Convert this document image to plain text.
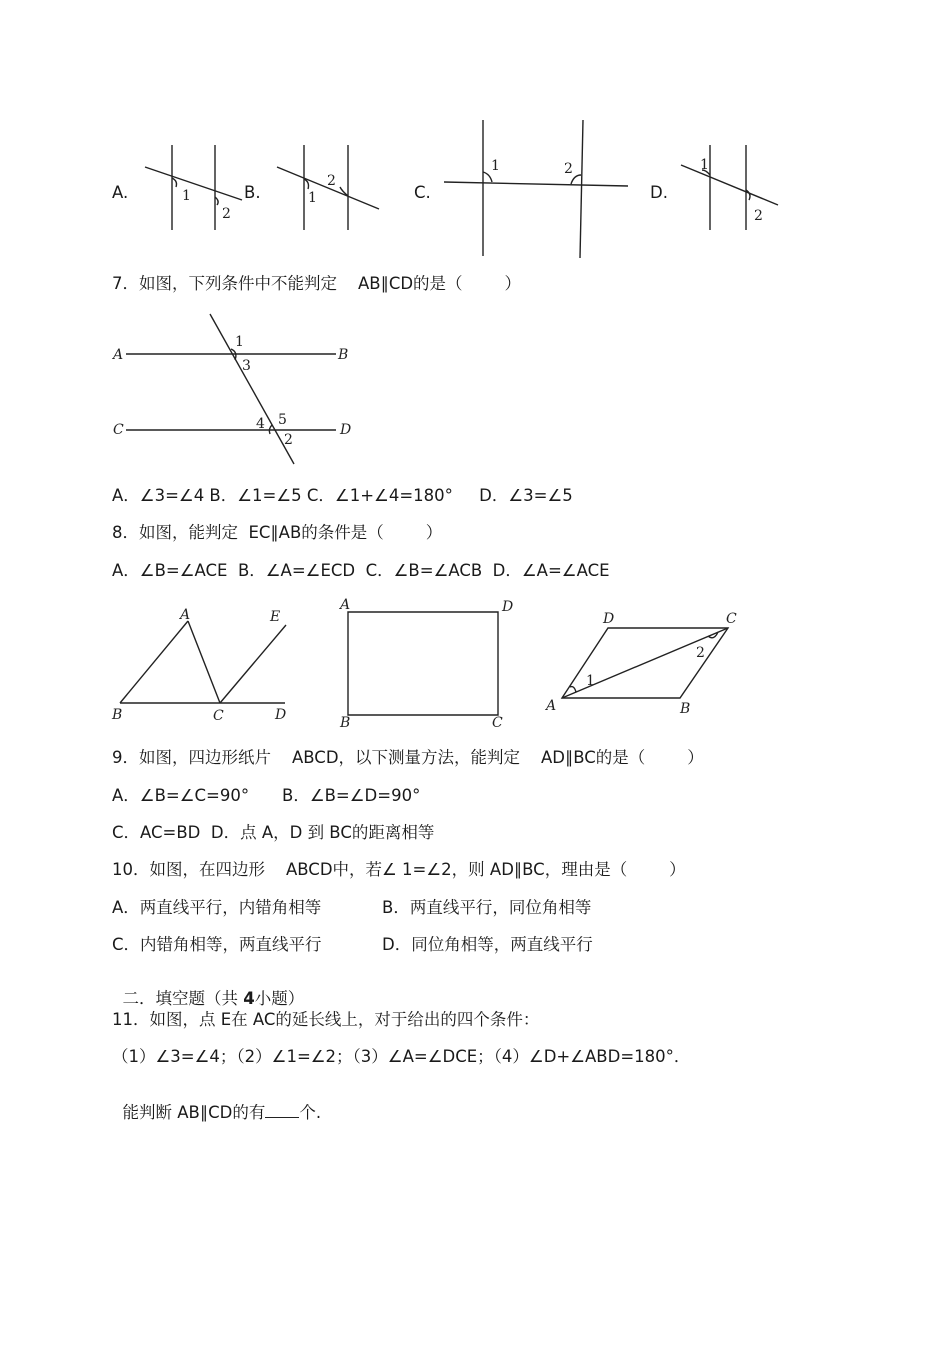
A.	1
2
B.	1
2
C.
1	2
D.
1
2
7．如图，下列条件中不能判定    AB∥CD的是（        ）
A	B
C	D
1
3
4 5
2
A．∠3=∠4 B．∠1=∠5 C．∠1+∠4=180°     D．∠3=∠5
8．如图，能判定  EC∥AB的条件是（        ）
A．∠B=∠ACE  B．∠A=∠ECD  C．∠B=∠ACB  D．∠A=∠ACE
A	E
B	C	D
A	D
B	C
D	C
A	B
1
2
9．如图，四边形纸片    ABCD，以下测量方法，能判定    AD∥BC的是（        ）
A．∠B=∠C=90° B．∠B=∠D=90°
C．AC=BD  D．点 A，D 到 BC的距离相等
10．如图，在四边形    ABCD中，若∠ 1=∠2，则 AD∥BC，理由是（        ）
A．两直线平行，内错角相等	B．两直线平行，同位角相等
C．内错角相等，两直线平行	D．同位角相等，两直线平行

二．填空题（共 4小题）

11．如图，点 E在 AC的延长线上，对于给出的四个条件：
（1）∠3=∠4；（2）∠1=∠2；（3）∠A=∠DCE；（4）∠D+∠ABD=180°．

能判断 AB∥CD的有 个.
